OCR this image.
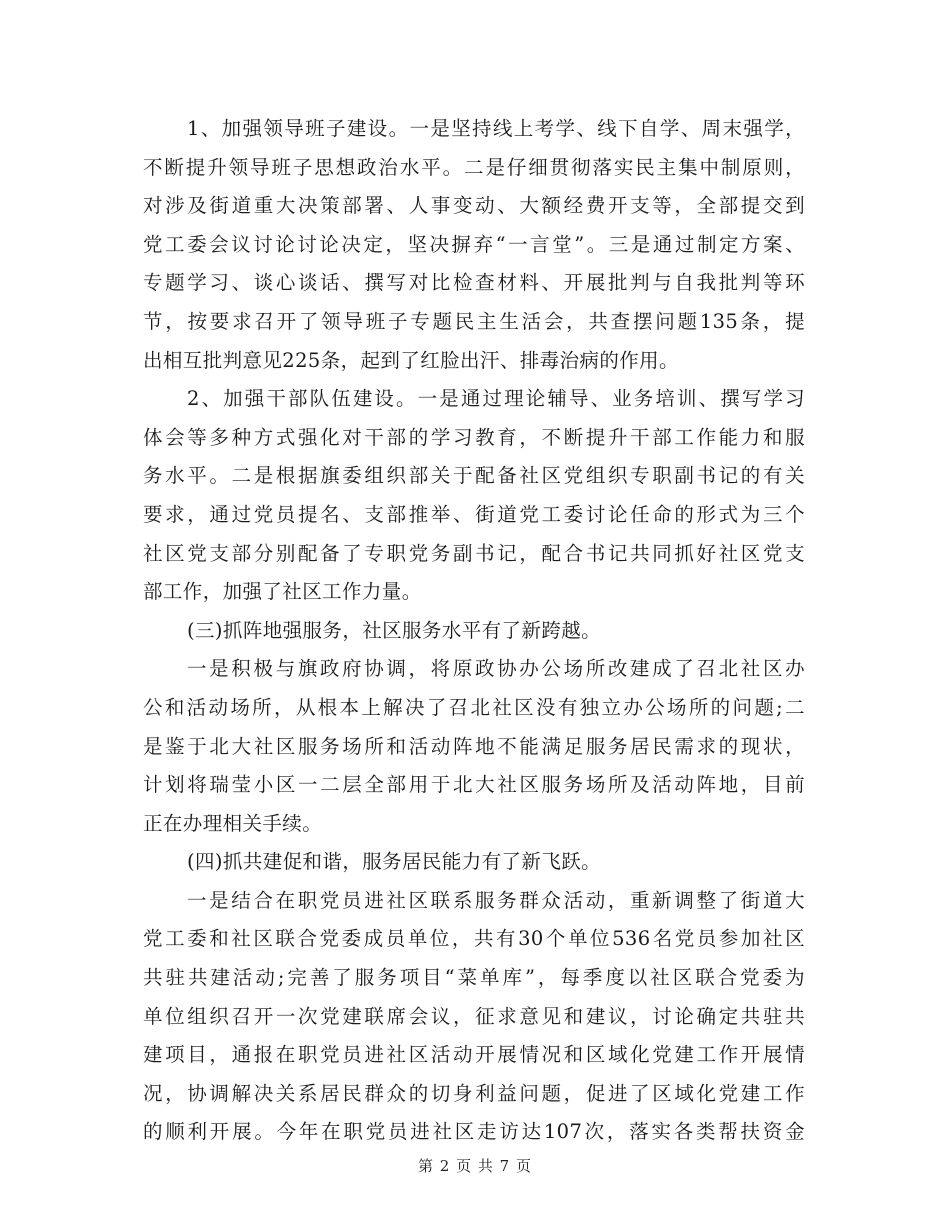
1、加强领导班子建设。一是坚持线上考学、线下自学、周末强学，
不断提升领导班子思想政治水平。二是仔细贯彻落实民主集中制原则，
对涉及街道重大决策部署、人事变动、大额经费开支等，全部提交到
党工委会议讨论讨论决定，坚决摒弃“一言堂”。三是通过制定方案、
专题学习、谈心谈话、撰写对比检查材料、开展批判与自我批判等环
节，按要求召开了领导班子专题民主生活会，共查摆问题135条，提
出相互批判意见225条，起到了红脸出汗、排毒治病的作用。
2、加强干部队伍建设。一是通过理论辅导、业务培训、撰写学习
体会等多种方式强化对干部的学习教育，不断提升干部工作能力和服
务水平。二是根据旗委组织部关于配备社区党组织专职副书记的有关
要求，通过党员提名、支部推举、街道党工委讨论任命的形式为三个
社区党支部分别配备了专职党务副书记，配合书记共同抓好社区党支
部工作，加强了社区工作力量。
(三)抓阵地强服务，社区服务水平有了新跨越。
一是积极与旗政府协调，将原政协办公场所改建成了召北社区办
公和活动场所，从根本上解决了召北社区没有独立办公场所的问题;二
是鉴于北大社区服务场所和活动阵地不能满足服务居民需求的现状，
计划将瑞莹小区一二层全部用于北大社区服务场所及活动阵地，目前
正在办理相关手续。
(四)抓共建促和谐，服务居民能力有了新飞跃。
一是结合在职党员进社区联系服务群众活动，重新调整了街道大
党工委和社区联合党委成员单位，共有30个单位536名党员参加社区
共驻共建活动;完善了服务项目“菜单库”，每季度以社区联合党委为
单位组织召开一次党建联席会议，征求意见和建议，讨论确定共驻共
建项目，通报在职党员进社区活动开展情况和区域化党建工作开展情
况，协调解决关系居民群众的切身利益问题，促进了区域化党建工作
的顺利开展。今年在职党员进社区走访达107次，落实各类帮扶资金
第 2 页 共 7 页
